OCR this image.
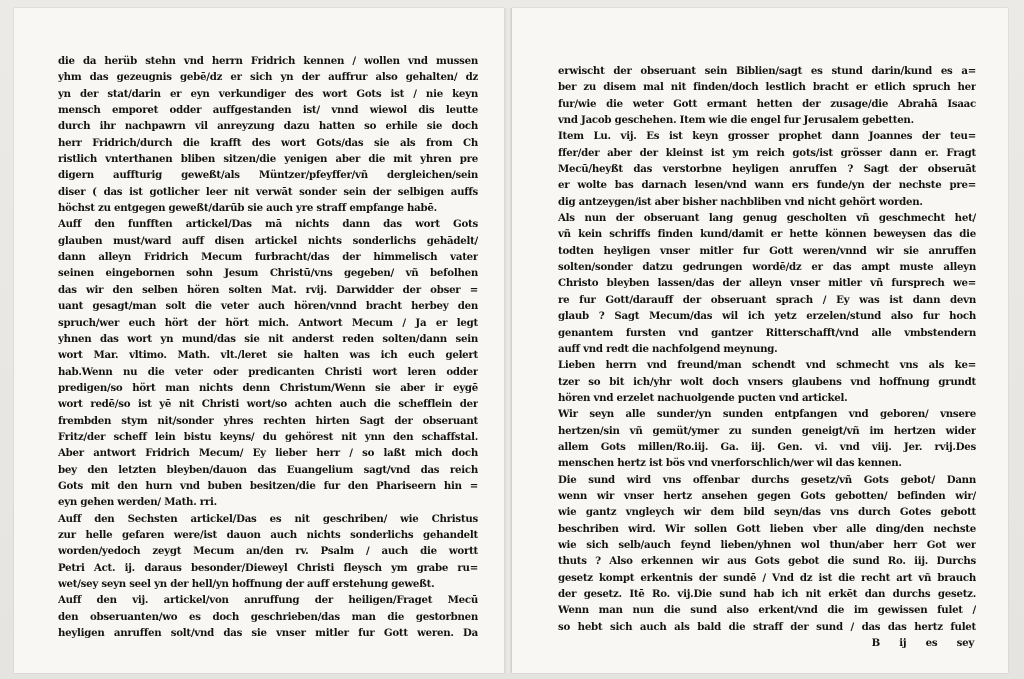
die da herüb stehn vnd herrn Fridrich kennen / wollen vnd mussen
yhm das gezeugnis gebē/dz er sich yn der auffrur also gehalten/ dz
yn der stat/darin er eyn verkundiger des wort Gots ist / nie keyn
mensch emporet odder auffgestanden ist/ vnnd wiewol dis leutte
durch ihr nachpawrn vil anreyzung dazu hatten so erhile sie doch
herr Fridrich/durch die krafft des wort Gots/das sie als from Ch
ristlich vnterthanen bliben sitzen/die yenigen aber die mit yhren pre
digern auffturig geweßt/als Müntzer/pfeyffer/vñ dergleichen/sein
diser ( das ist gotlicher leer nit verwāt sonder sein der selbigen auffs
höchst zu entgegen geweßt/darūb sie auch yre straff empfange habē.
Auff den funfften artickel/Das mā nichts dann das wort Gots
glauben must/ward auff disen artickel nichts sonderlichs gehādelt/
dann alleyn Fridrich Mecum furbracht/das der himmelisch vater
seinen eingebornen sohn Jesum Christū/vns gegeben/ vñ befolhen
das wir den selben hören solten Mat. rvij. Darwidder der obser =
uant gesagt/man solt die veter auch hören/vnnd bracht herbey den
spruch/wer euch hört der hört mich. Antwort Mecum / Ja er legt
yhnen das wort yn mund/das sie nit anderst reden solten/dann sein
wort Mar. vltimo. Math. vlt./leret sie halten was ich euch gelert
hab.Wenn nu die veter oder predicanten Christi wort leren odder
predigen/so hört man nichts denn Christum/Wenn sie aber ir eygē
wort redē/so ist yē nit Christi wort/so achten auch die schefflein der
frembden stym nit/sonder yhres rechten hirten Sagt der obseruant
Fritz/der scheff lein bistu keyns/ du gehörest nit ynn den schaffstal.
Aber antwort Fridrich Mecum/ Ey lieber herr / so laßt mich doch
bey den letzten bleyben/dauon das Euangelium sagt/vnd das reich
Gots mit den hurn vnd buben besitzen/die fur den Phariseern hin =
eyn gehen werden/ Math. rri.
Auff den Sechsten artickel/Das es nit geschriben/ wie Christus
zur helle gefaren were/ist dauon auch nichts sonderlichs gehandelt
worden/yedoch zeygt Mecum an/den rv. Psalm / auch die wortt
Petri Act. ij. daraus besonder/Dieweyl Christi fleysch ym grabe ru=
wet/sey seyn seel yn der hell/yn hoffnung der auff erstehung geweßt.
Auff den vij. artickel/von anruffung der heiligen/Fraget Mecū
den obseruanten/wo es doch geschrieben/das man die gestorbnen
heyligen anruffen solt/vnd das sie vnser mitler fur Gott weren. Da
erwischt der obseruant sein Biblien/sagt es stund darin/kund es a=
ber zu disem mal nit finden/doch lestlich bracht er etlich spruch her
fur/wie die weter Gott ermant hetten der zusage/die Abrahā Isaac
vnd Jacob geschehen. Item wie die engel fur Jerusalem gebetten.
Item Lu. vij. Es ist keyn grosser prophet dann Joannes der teu=
ffer/der aber der kleinst ist ym reich gots/ist grösser dann er. Fragt
Mecū/heyßt das verstorbne heyligen anruffen ? Sagt der obseruāt
er wolte bas darnach lesen/vnd wann ers funde/yn der nechste pre=
dig antzeygen/ist aber bisher nachbliben vnd nicht gehört worden.
Als nun der obseruant lang genug gescholten vñ geschmecht het/
vñ kein schriffs finden kund/damit er hette können beweysen das die
todten heyligen vnser mitler fur Gott weren/vnnd wir sie anruffen
solten/sonder datzu gedrungen wordē/dz er das ampt muste alleyn
Christo bleyben lassen/das der alleyn vnser mitler vñ fursprech we=
re fur Gott/darauff der obseruant sprach / Ey was ist dann devn
glaub ? Sagt Mecum/das wil ich yetz erzelen/stund also fur hoch
genantem fursten vnd gantzer Ritterschafft/vnd alle vmbstendern
auff vnd redt die nachfolgend meynung.
Lieben herrn vnd freund/man schendt vnd schmecht vns als ke=
tzer so bit ich/yhr wolt doch vnsers glaubens vnd hoffnung grundt
hören vnd erzelet nachuolgende pucten vnd artickel.
Wir seyn alle sunder/yn sunden entpfangen vnd geboren/ vnsere
hertzen/sin vñ gemüt/ymer zu sunden geneigt/vñ im hertzen wider
allem Gots millen/Ro.iij. Ga. iij. Gen. vi. vnd viij. Jer. rvij.Des
menschen hertz ist bös vnd vnerforschlich/wer wil das kennen.
Die sund wird vns offenbar durchs gesetz/vñ Gots gebot/ Dann
wenn wir vnser hertz ansehen gegen Gots gebotten/ befinden wir/
wie gantz vngleych wir dem bild seyn/das vns durch Gotes gebott
beschriben wird. Wir sollen Gott lieben vber alle ding/den nechste
wie sich selb/auch feynd lieben/yhnen wol thun/aber herr Got wer
thuts ? Also erkennen wir aus Gots gebot die sund Ro. iij. Durchs
gesetz kompt erkentnis der sundē / Vnd dz ist die recht art vñ brauch
der gesetz. Itē Ro. vij.Die sund hab ich nit erkēt dan durchs gesetz.
Wenn man nun die sund also erkent/vnd die im gewissen fulet /
so hebt sich auch als bald die straff der sund / das das hertz fulet
B ij es sey
